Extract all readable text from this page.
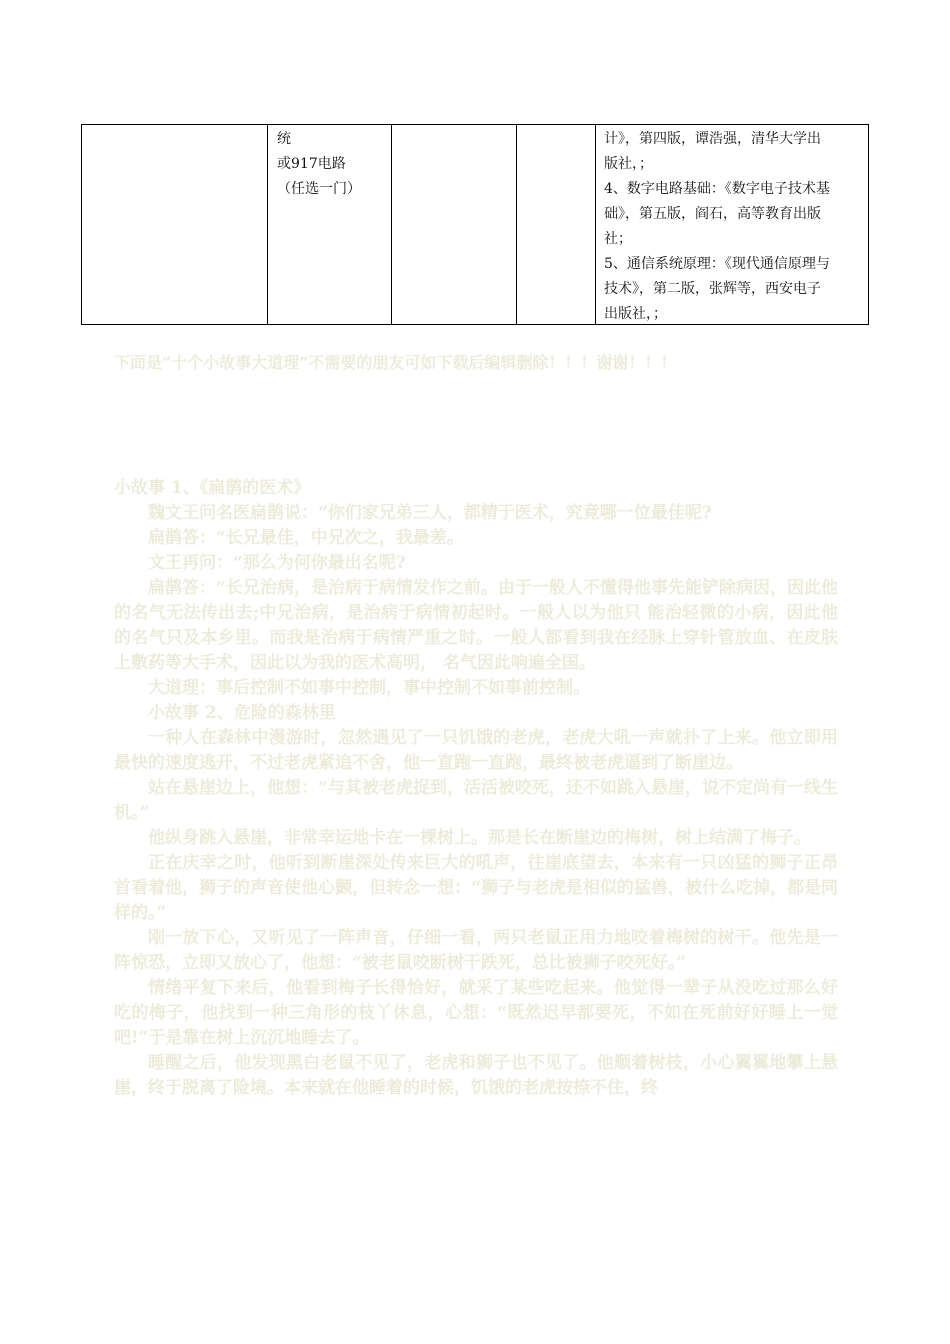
统
或917电路
（任选一门）
计》，第四版，谭浩强，清华大学出
版社，；
4、数字电路基础：《数字电子技术基
础》，第五版，阎石，高等教育出版
社；
5、通信系统原理：《现代通信原理与
技术》，第二版，张辉等，西安电子
出版社，；
下面是“十个小故事大道理”不需要的朋友可如下载后编辑删除！！！谢谢！！！

小故事 1、《扁鹊的医术》

魏文王问名医扁鹊说：“你们家兄弟三人，都精于医术，究竟哪一位最佳呢?

扁鹊答：“长兄最佳，中兄次之，我最差。

文王再问：“那么为何你最出名呢?

扁鹊答：“长兄治病，是治病于病情发作之前。由于一般人不懂得他事先能铲除病因，因此他的名气无法传出去;中兄治病，是治病于病情初起时。一般人以为他只 能治轻微的小病，因此他的名气只及本乡里。而我是治病于病情严重之时。一般人都看到我在经脉上穿针管放血、在皮肤上敷药等大手术，因此以为我的医术高明， 名气因此响遍全国。

大道理：事后控制不如事中控制，事中控制不如事前控制。

小故事 2、危险的森林里

一种人在森林中漫游时，忽然遇见了一只饥饿的老虎，老虎大吼一声就扑了上来。他立即用最快的速度逃开，不过老虎紧追不舍，他一直跑一直跑，最终被老虎逼到了断崖边。

站在悬崖边上，他想：“与其被老虎捉到，活活被咬死，还不如跳入悬崖，说不定尚有一线生机。”

他纵身跳入悬崖，非常幸运地卡在一棵树上。那是长在断崖边的梅树，树上结满了梅子。

正在庆幸之时，他听到断崖深处传来巨大的吼声，往崖底望去，本来有一只凶猛的狮子正昂首看着他，狮子的声音使他心颤，但转念一想：“狮子与老虎是相似的猛兽，被什么吃掉，都是同样的。”

刚一放下心，又听见了一阵声音，仔细一看，两只老鼠正用力地咬着梅树的树干。他先是一阵惊恐，立即又放心了，他想：“被老鼠咬断树干跌死，总比被狮子咬死好。”

情绪平复下来后，他看到梅子长得恰好，就采了某些吃起来。他觉得一辈子从没吃过那么好吃的梅子，他找到一种三角形的枝丫休息，心想：“既然迟早都要死，不如在死前好好睡上一觉吧!”于是靠在树上沉沉地睡去了。

睡醒之后，他发现黑白老鼠不见了，老虎和狮子也不见了。他顺着树枝，小心翼翼地攀上悬崖，终于脱离了险境。本来就在他睡着的时候，饥饿的老虎按捺不住，终
